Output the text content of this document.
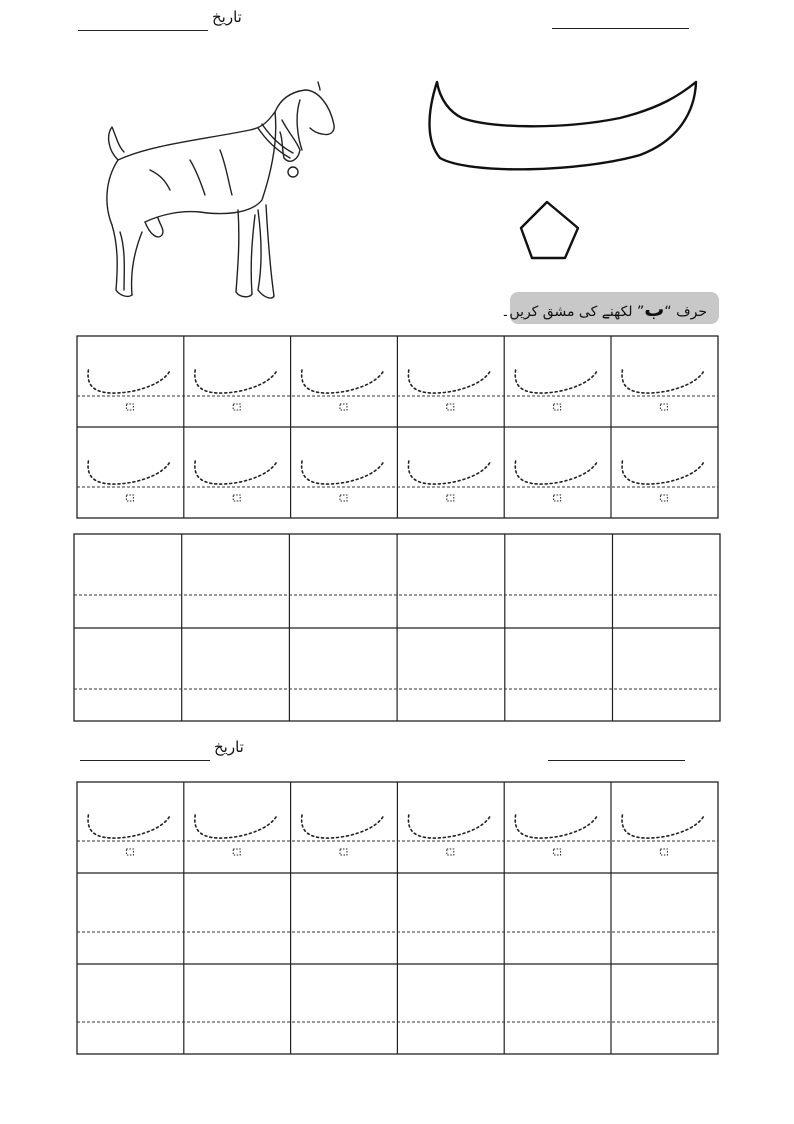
تاریخ
حرف “ب” لکھنے کی مشق کریں۔
تاریخ
